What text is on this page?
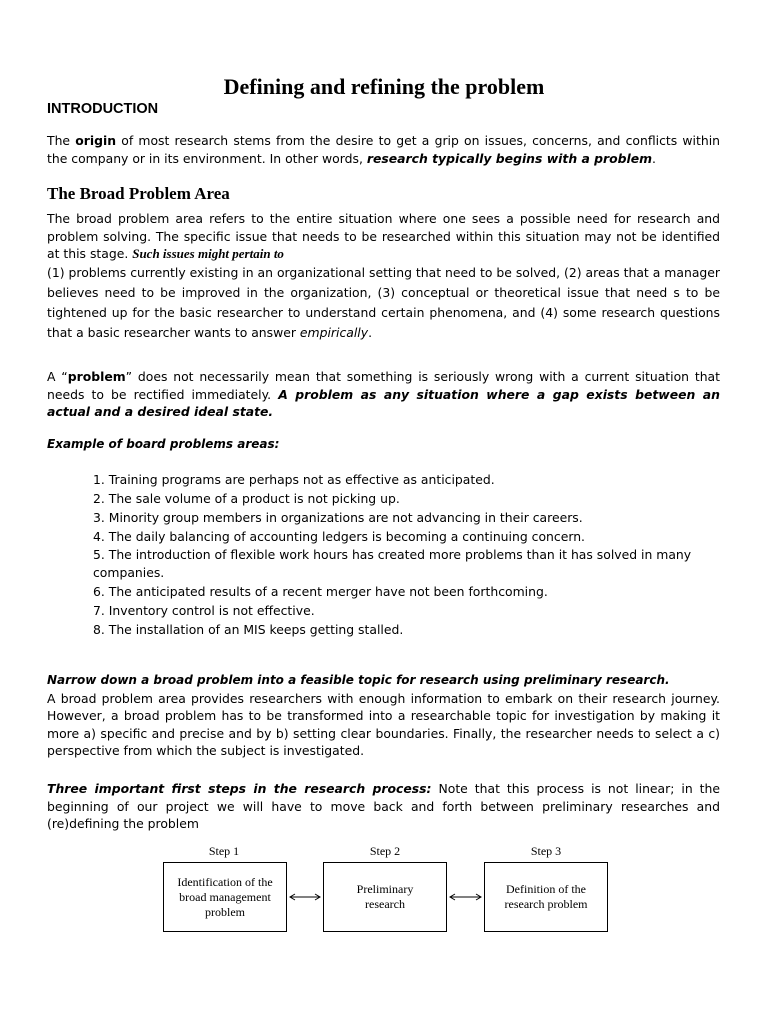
Defining and refining the problem
INTRODUCTION

The origin of most research stems from the desire to get a grip on issues, concerns, and conflicts within the company or in its environment. In other words, research typically begins with a problem.

The Broad Problem Area

The broad problem area refers to the entire situation where one sees a possible need for research and problem solving. The specific issue that needs to be researched within this situation may not be identified at this stage. Such issues might pertain to

(1) problems currently existing in an organizational setting that need to be solved, (2) areas that a manager believes need to be improved in the organization, (3) conceptual or theoretical issue that need s to be tightened up for the basic researcher to understand certain phenomena, and (4) some research questions that a basic researcher wants to answer empirically.

A “problem” does not necessarily mean that something is seriously wrong with a current situation that needs to be rectified immediately. A problem as any situation where a gap exists between an actual and a desired ideal state.

Example of board problems areas:
1. Training programs are perhaps not as effective as anticipated.
2. The sale volume of a product is not picking up.
3. Minority group members in organizations are not advancing in their careers.
4. The daily balancing of accounting ledgers is becoming a continuing concern.
5. The introduction of flexible work hours has created more problems than it has solved in many companies.
6. The anticipated results of a recent merger have not been forthcoming.
7. Inventory control is not effective.
8. The installation of an MIS keeps getting stalled.

Narrow down a broad problem into a feasible topic for research using preliminary research.

A broad problem area provides researchers with enough information to embark on their research journey. However, a broad problem has to be transformed into a researchable topic for investigation by making it more a) specific and precise and by b) setting clear boundaries. Finally, the researcher needs to select a c) perspective from which the subject is investigated.

Three important first steps in the research process: Note that this process is not linear; in the beginning of our project we will have to move back and forth between preliminary researches and (re)defining the problem

Step 1	Step 2	Step 3
Identification of the broad management problem
Preliminary research
Definition of the research problem
